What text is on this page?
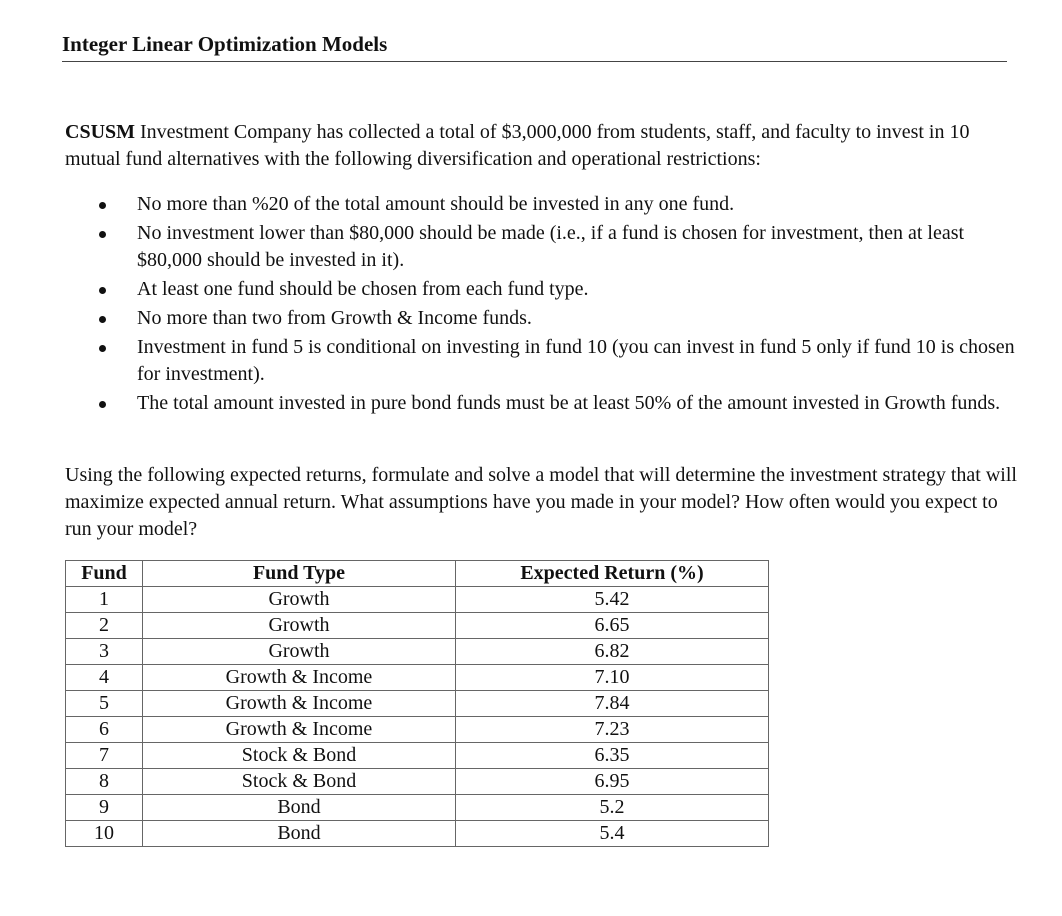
Integer Linear Optimization Models

CSUSM Investment Company has collected a total of $3,000,000 from students, staff, and faculty to invest in 10 mutual fund alternatives with the following diversification and operational restrictions:

No more than %20 of the total amount should be invested in any one fund.
No investment lower than $80,000 should be made (i.e., if a fund is chosen for investment, then at least $80,000 should be invested in it).
At least one fund should be chosen from each fund type.
No more than two from Growth & Income funds.
Investment in fund 5 is conditional on investing in fund 10 (you can invest in fund 5 only if fund 10 is chosen for investment).
The total amount invested in pure bond funds must be at least 50% of the amount invested in Growth funds.

Using the following expected returns, formulate and solve a model that will determine the investment strategy that will maximize expected annual return. What assumptions have you made in your model? How often would you expect to run your model?

Fund	Fund Type	Expected Return (%)
1	Growth	5.42
2	Growth	6.65
3	Growth	6.82
4	Growth & Income	7.10
5	Growth & Income	7.84
6	Growth & Income	7.23
7	Stock & Bond	6.35
8	Stock & Bond	6.95
9	Bond	5.2
10	Bond	5.4
